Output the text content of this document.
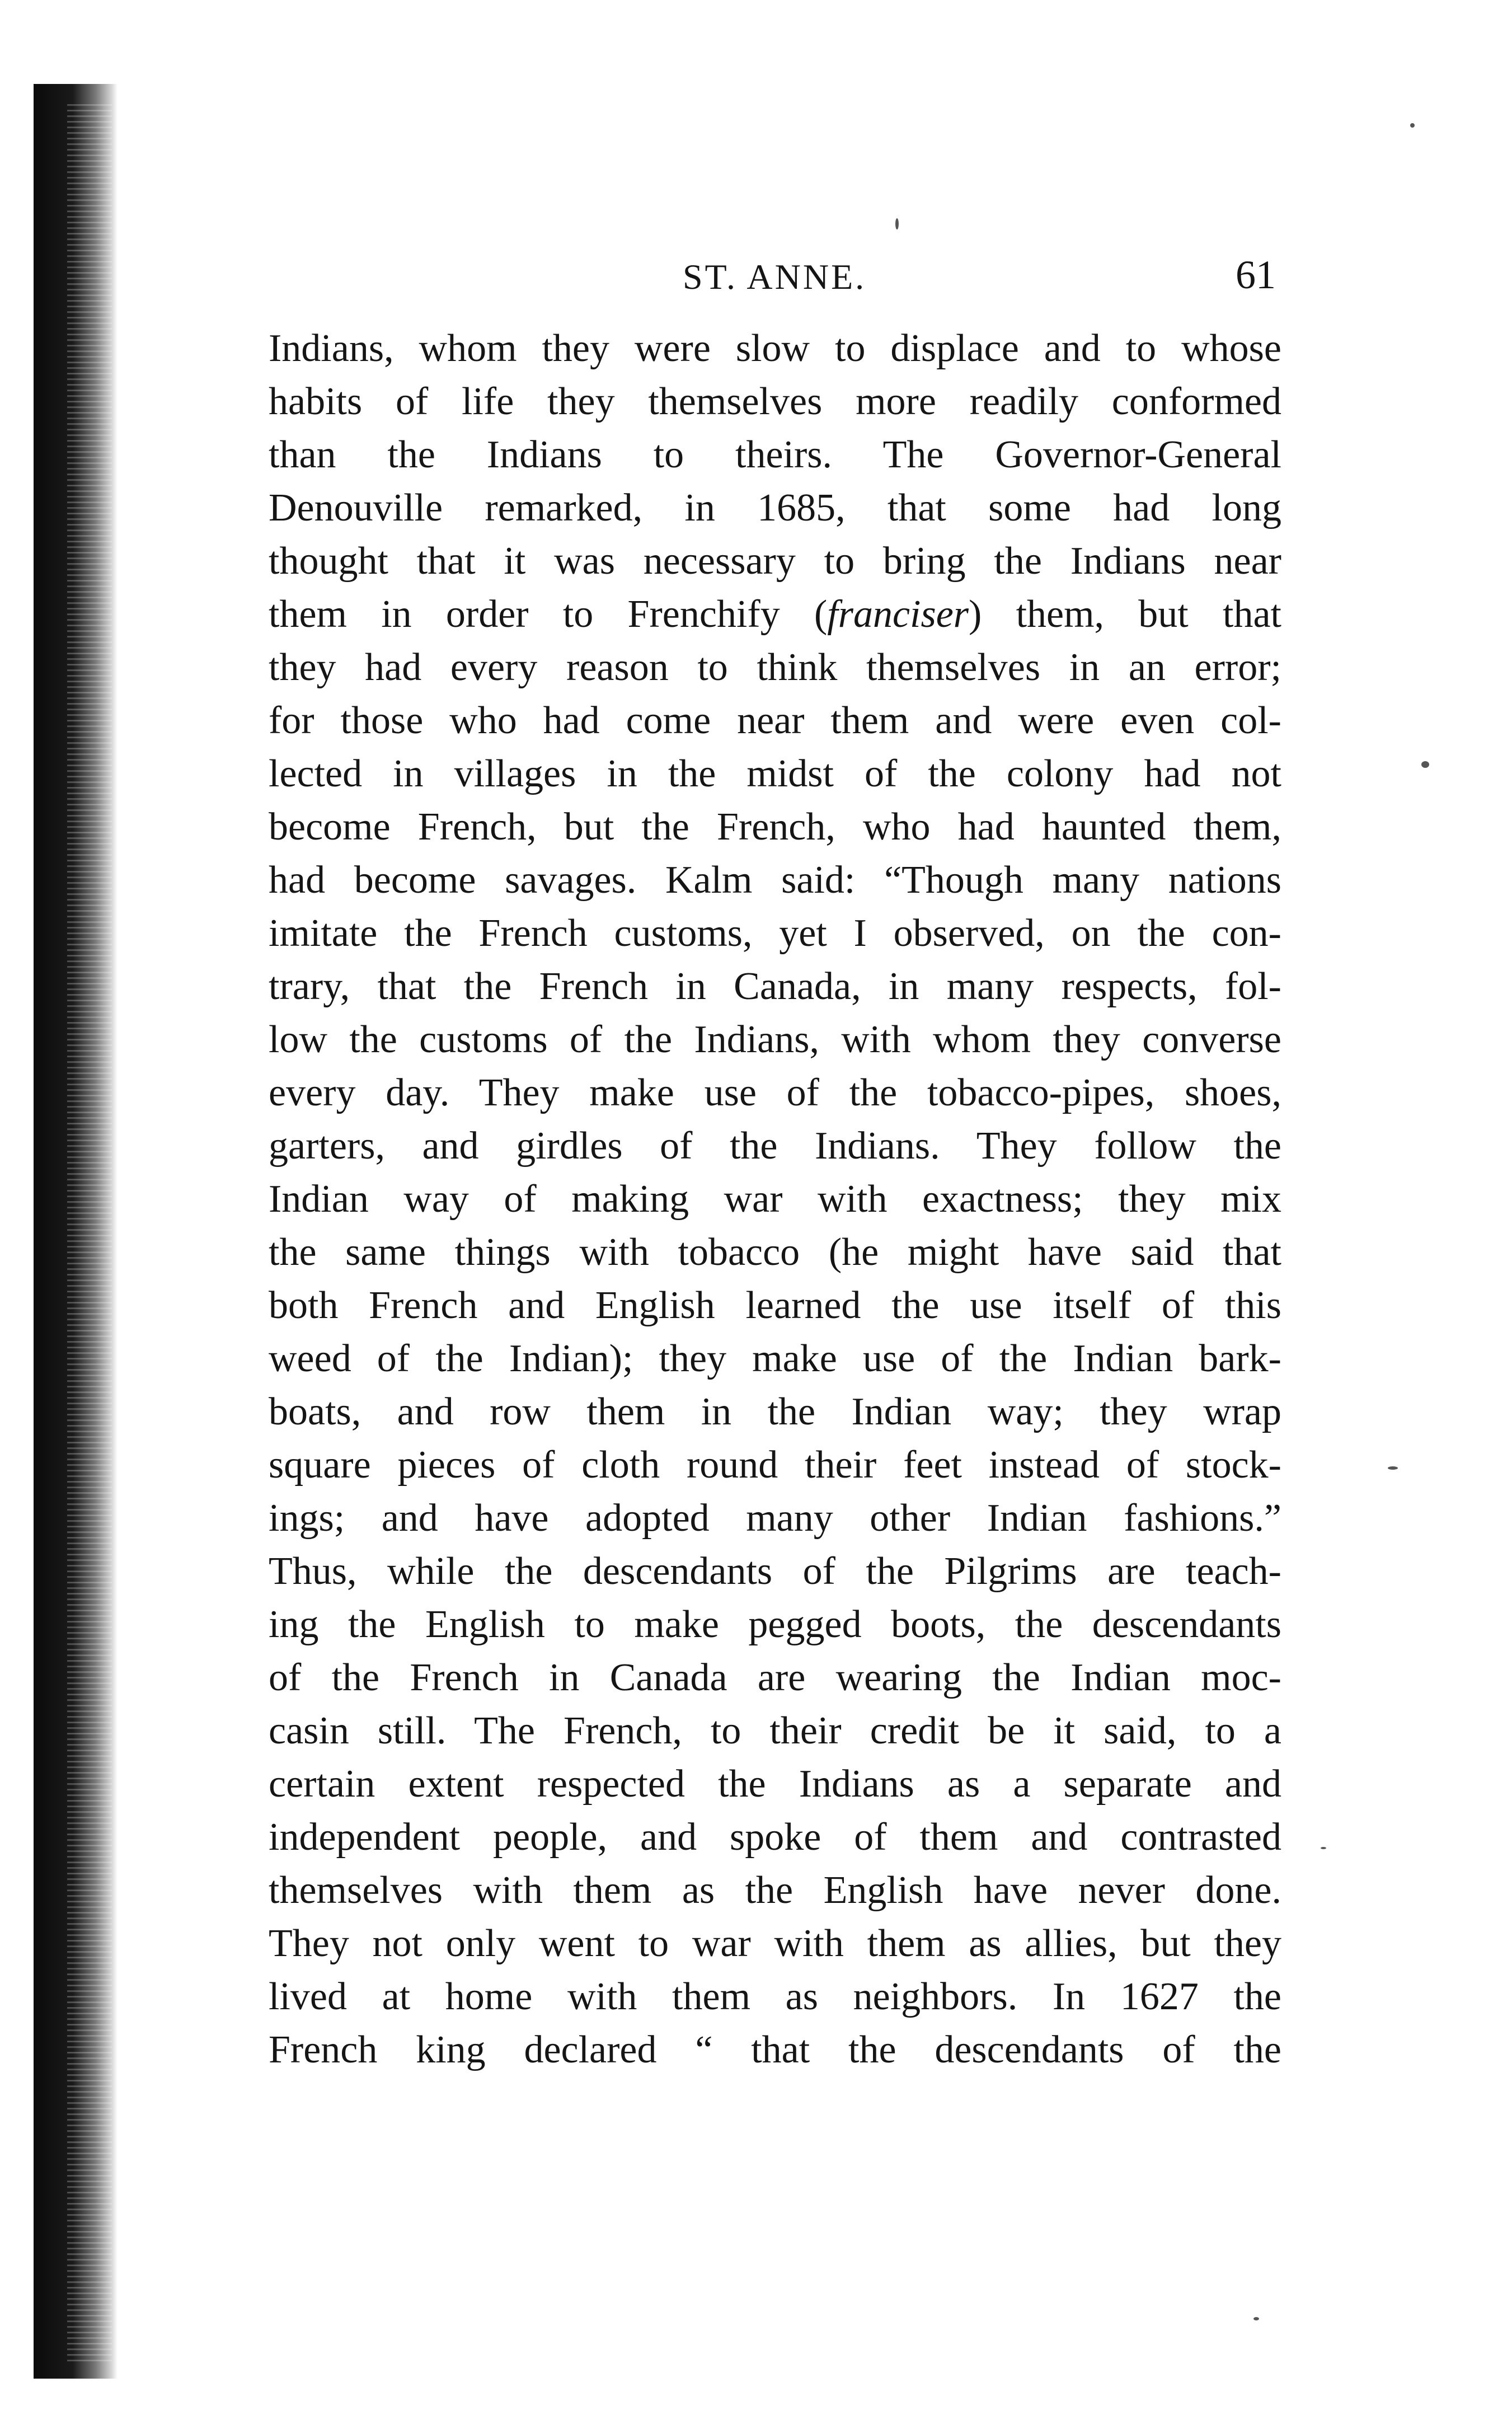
ST. ANNE.	61
Indians, whom they were slow to displace and to whose
habits of life they themselves more readily conformed
than the Indians to theirs. The Governor-General
Denouville remarked, in 1685, that some had long
thought that it was necessary to bring the Indians near
them in order to Frenchify (franciser) them, but that
they had every reason to think themselves in an error;
for those who had come near them and were even col-
lected in villages in the midst of the colony had not
become French, but the French, who had haunted them,
had become savages. Kalm said: “Though many nations
imitate the French customs, yet I observed, on the con-
trary, that the French in Canada, in many respects, fol-
low the customs of the Indians, with whom they converse
every day. They make use of the tobacco-pipes, shoes,
garters, and girdles of the Indians. They follow the
Indian way of making war with exactness; they mix
the same things with tobacco (he might have said that
both French and English learned the use itself of this
weed of the Indian); they make use of the Indian bark-
boats, and row them in the Indian way; they wrap
square pieces of cloth round their feet instead of stock-
ings; and have adopted many other Indian fashions.”
Thus, while the descendants of the Pilgrims are teach-
ing the English to make pegged boots, the descendants
of the French in Canada are wearing the Indian moc-
casin still. The French, to their credit be it said, to a
certain extent respected the Indians as a separate and
independent people, and spoke of them and contrasted
themselves with them as the English have never done.
They not only went to war with them as allies, but they
lived at home with them as neighbors. In 1627 the
French king declared “ that the descendants of the
